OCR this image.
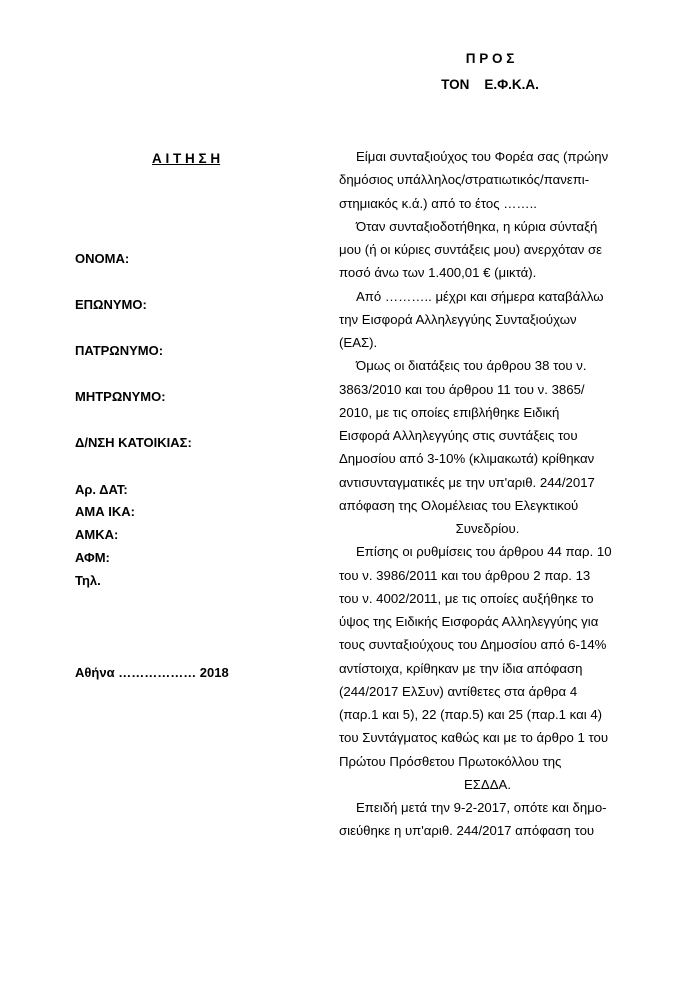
Π Ρ Ο Σ
ΤΟΝ    Ε.Φ.Κ.Α.
Α Ι Τ Η Σ Η
ΟΝΟΜΑ:
ΕΠΩΝΥΜΟ:
ΠΑΤΡΩΝΥΜΟ:
ΜΗΤΡΩΝΥΜΟ:
Δ/ΝΣΗ ΚΑΤΟΙΚΙΑΣ:
Αρ. ΔΑΤ:
ΑΜΑ ΙΚΑ:
ΑΜΚΑ:
ΑΦΜ:
Τηλ.
Αθήνα ……………… 2018
Είμαι συνταξιούχος του Φορέα σας (πρώην
δημόσιος υπάλληλος/στρατιωτικός/πανεπι-
στημιακός κ.ά.) από το έτος ……..
Όταν συνταξιοδοτήθηκα, η κύρια σύνταξή
μου (ή οι κύριες συντάξεις μου) ανερχόταν σε
ποσό άνω των 1.400,01 € (μικτά).
Από ……….. μέχρι και σήμερα καταβάλλω
την Εισφορά Αλληλεγγύης Συνταξιούχων
(ΕΑΣ).
Όμως οι διατάξεις του άρθρου 38 του ν.
3863/2010 και του άρθρου 11 του ν. 3865/
2010, με τις οποίες επιβλήθηκε Ειδική
Εισφορά Αλληλεγγύης στις συντάξεις του
Δημοσίου από 3-10% (κλιμακωτά) κρίθηκαν
αντισυνταγματικές με την υπ'αριθ. 244/2017
απόφαση της Ολομέλειας του Ελεγκτικού
Συνεδρίου.
Επίσης οι ρυθμίσεις του άρθρου 44 παρ. 10
του ν. 3986/2011 και του άρθρου 2 παρ. 13
του ν. 4002/2011, με τις οποίες αυξήθηκε το
ύψος της Ειδικής Εισφοράς Αλληλεγγύης για
τους συνταξιούχους του Δημοσίου από 6-14%
αντίστοιχα, κρίθηκαν με την ίδια απόφαση
(244/2017 ΕλΣυν) αντίθετες στα άρθρα 4
(παρ.1 και 5), 22 (παρ.5) και 25 (παρ.1 και 4)
του Συντάγματος καθώς και με το άρθρο 1 του
Πρώτου Πρόσθετου Πρωτοκόλλου της
ΕΣΔΔΑ.
Επειδή μετά την 9-2-2017, οπότε και δημο-
σιεύθηκε η υπ'αριθ. 244/2017 απόφαση του
